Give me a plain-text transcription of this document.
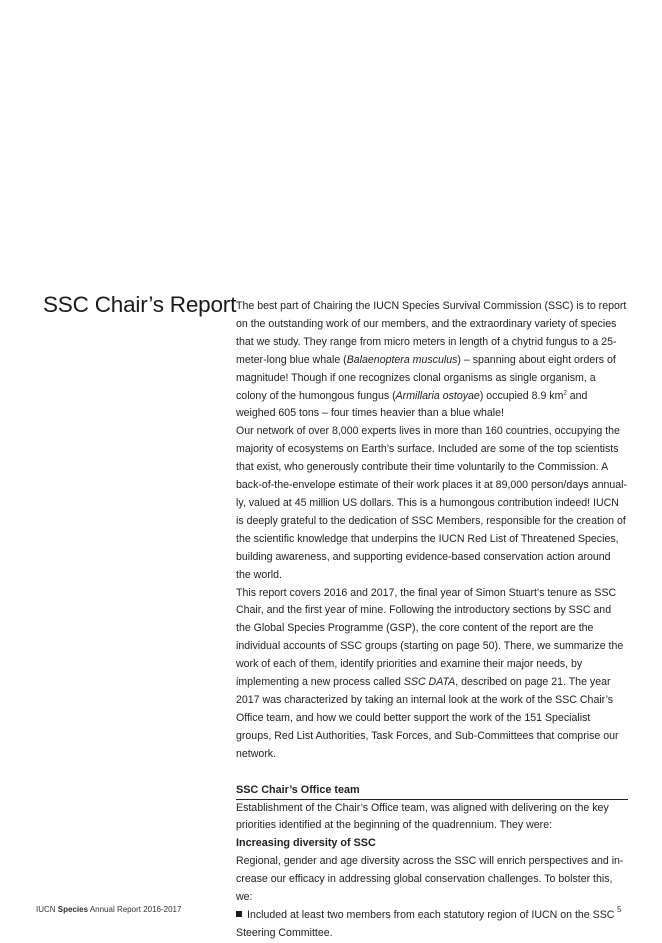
SSC Chair’s Report The best part of Chairing the IUCN Species Survival Commission (SSC) is to report on the outstanding work of our members, and the extraordinary variety of species that we study. They range from micro meters in length of a chytrid fungus to a 25-meter-long blue whale (Balaenoptera musculus) – spanning about eight orders of magnitude! Though if one recognizes clonal organisms as single organism, a colony of the humongous fungus (Armillaria ostoyae) occupied 8.9 $km^2$ and weighed 605 tons – four times heavier than a blue whale!

Our network of over 8,000 experts lives in more than 160 countries, occupying the majority of ecosystems on Earth’s surface. Included are some of the top scientists that exist, who generously contribute their time voluntarily to the Commission. A back-of-the-envelope estimate of their work places it at 89,000 person/days annual-ly, valued at 45 million US dollars. This is a humongous contribution indeed! IUCN is deeply grateful to the dedication of SSC Members, responsible for the creation of the scientific knowledge that underpins the IUCN Red List of Threatened Species, building awareness, and supporting evidence-based conservation action around the world.

This report covers 2016 and 2017, the final year of Simon Stuart’s tenure as SSC Chair, and the first year of mine. Following the introductory sections by SSC and the Global Species Programme (GSP), the core content of the report are the individual accounts of SSC groups (starting on page 50). There, we summarize the work of each of them, identify priorities and examine their major needs, by implementing a new process called SSC DATA, described on page 21. The year 2017 was characterized by taking an internal look at the work of the SSC Chair’s Office team, and how we could better support the work of the 151 Specialist groups, Red List Authorities, Task Forces, and Sub-Committees that comprise our network.

SSC Chair’s Office team

Establishment of the Chair’s Office team, was aligned with delivering on the key priorities identified at the beginning of the quadrennium. They were:

Increasing diversity of SSC

Regional, gender and age diversity across the SSC will enrich perspectives and in-crease our efficacy in addressing global conservation challenges. To bolster this, we:

Included at least two members from each statutory region of IUCN on the SSC Steering Committee.

IUCN Species Annual Report 2016-2017	5
